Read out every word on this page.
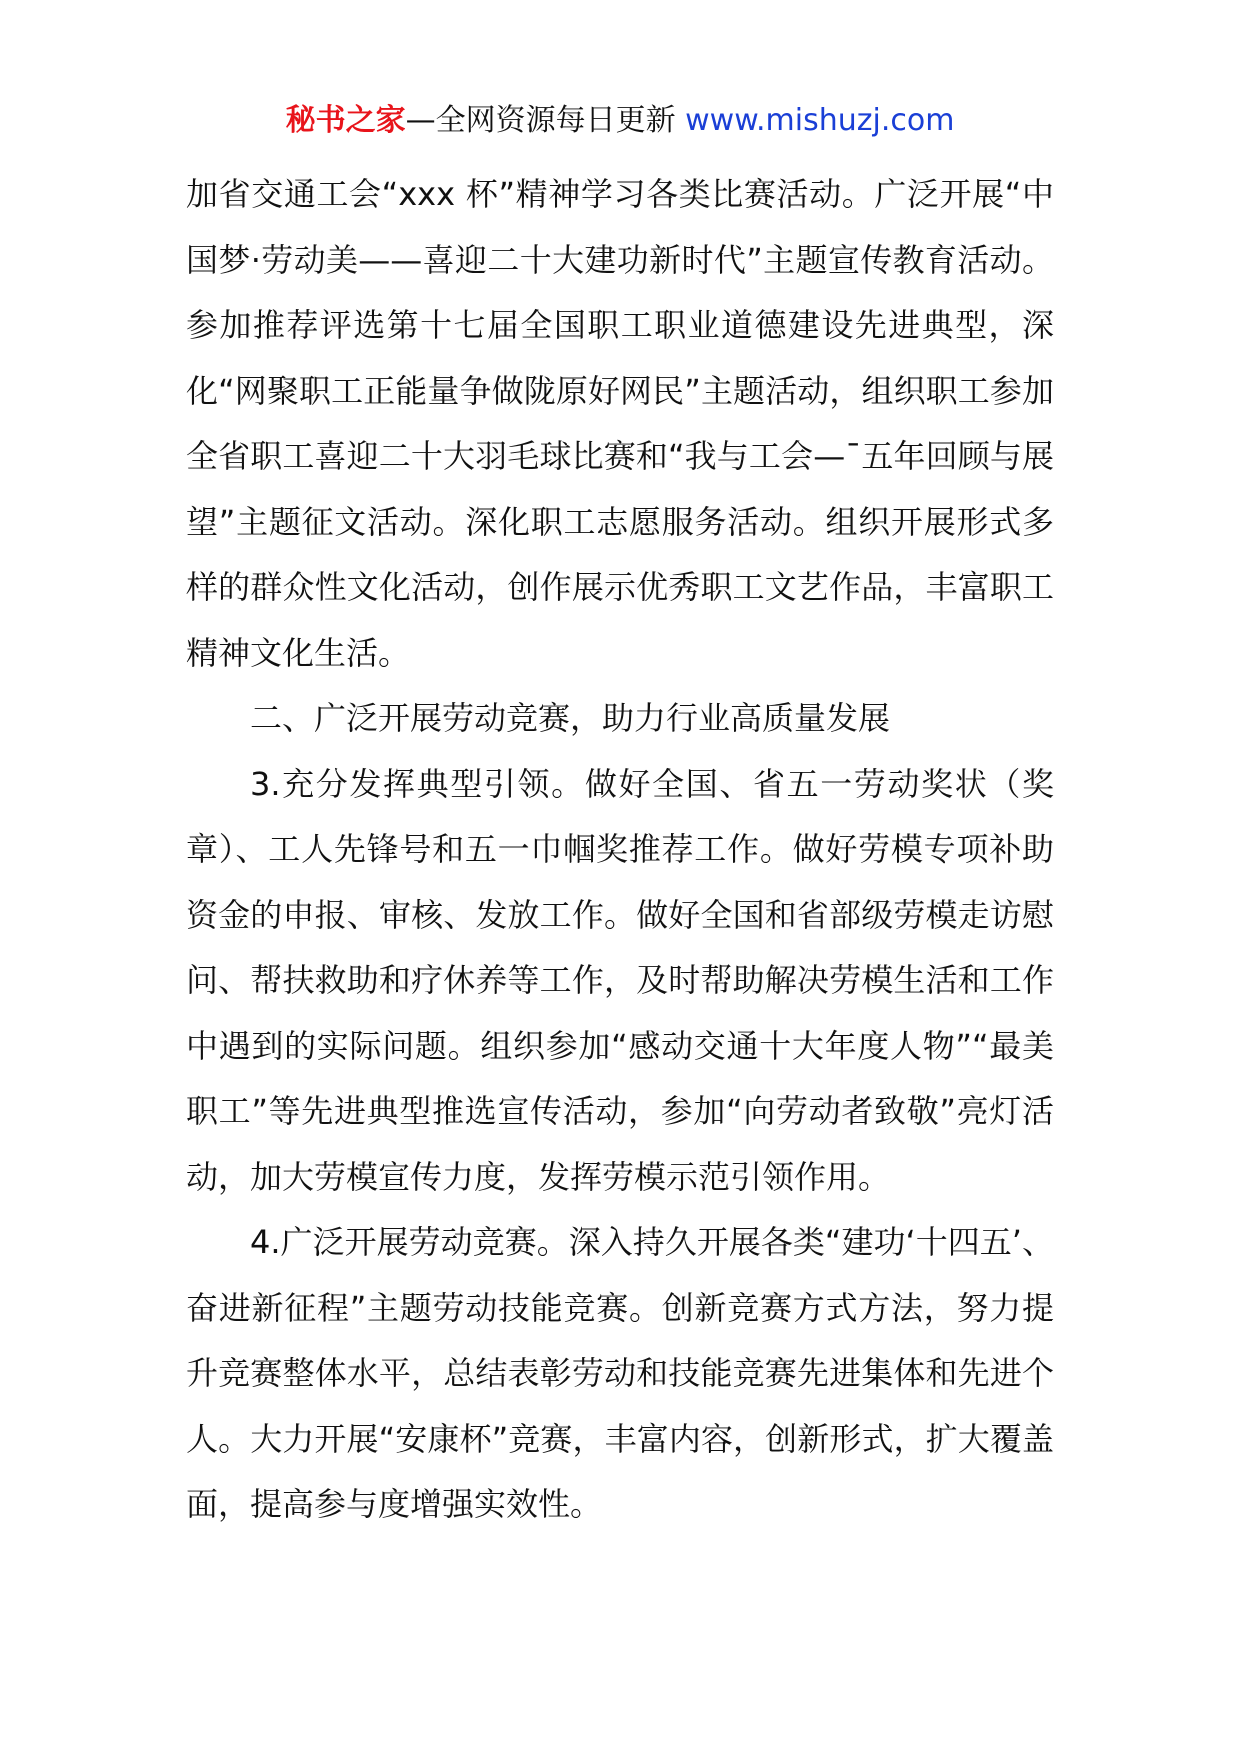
秘书之家—全网资源每日更新 www.mishuzj.com

加省交通工会“xxx 杯”精神学习各类比赛活动。广泛开展“中国梦·劳动美——喜迎二十大建功新时代”主题宣传教育活动。参加推荐评选第十七届全国职工职业道德建设先进典型，深化“网聚职工正能量争做陇原好网民”主题活动，组织职工参加全省职工喜迎二十大羽毛球比赛和“我与工会—¯五年回顾与展望”主题征文活动。深化职工志愿服务活动。组织开展形式多样的群众性文化活动，创作展示优秀职工文艺作品，丰富职工精神文化生活。

二、广泛开展劳动竞赛，助力行业高质量发展

3.充分发挥典型引领。做好全国、省五一劳动奖状（奖章）、工人先锋号和五一巾帼奖推荐工作。做好劳模专项补助资金的申报、审核、发放工作。做好全国和省部级劳模走访慰问、帮扶救助和疗休养等工作，及时帮助解决劳模生活和工作中遇到的实际问题。组织参加“感动交通十大年度人物”“最美职工”等先进典型推选宣传活动，参加“向劳动者致敬”亮灯活动，加大劳模宣传力度，发挥劳模示范引领作用。

4.广泛开展劳动竞赛。深入持久开展各类“建功‘十四五’、奋进新征程”主题劳动技能竞赛。创新竞赛方式方法，努力提升竞赛整体水平，总结表彰劳动和技能竞赛先进集体和先进个人。大力开展“安康杯”竞赛，丰富内容，创新形式，扩大覆盖面，提高参与度增强实效性。
